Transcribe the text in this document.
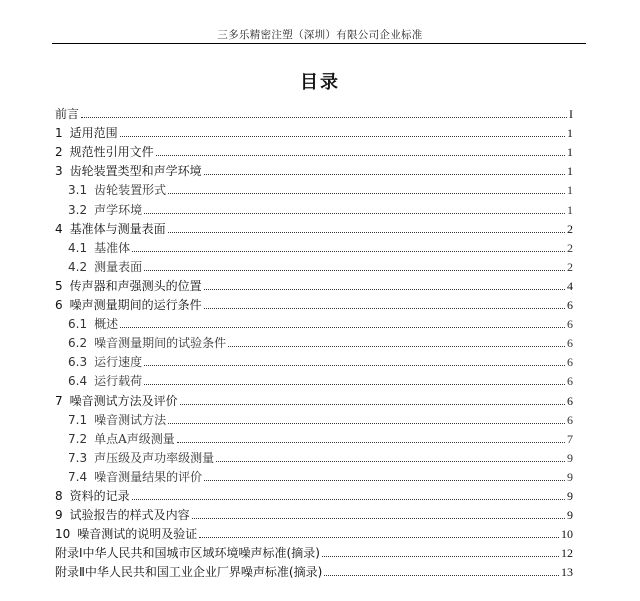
三多乐精密注塑（深圳）有限公司企业标准
目录
前言	I
1 适用范围	1
2 规范性引用文件	1
3 齿轮装置类型和声学环境	1
3.1 齿轮装置形式	1
3.2 声学环境	1
4 基准体与测量表面	2
4.1 基准体	2
4.2 测量表面	2
5 传声器和声强测头的位置	4
6 噪声测量期间的运行条件	6
6.1 概述	6
6.2 噪音测量期间的试验条件	6
6.3 运行速度	6
6.4 运行载荷	6
7 噪音测试方法及评价	6
7.1 噪音测试方法	6
7.2 单点A声级测量	7
7.3 声压级及声功率级测量	9
7.4 噪音测量结果的评价	9
8 资料的记录	9
9 试验报告的样式及内容	9
10 噪音测试的说明及验证	10
附录Ⅰ中华人民共和国城市区域环境噪声标准(摘录)	12
附录Ⅱ中华人民共和国工业企业厂界噪声标准(摘录)	13
